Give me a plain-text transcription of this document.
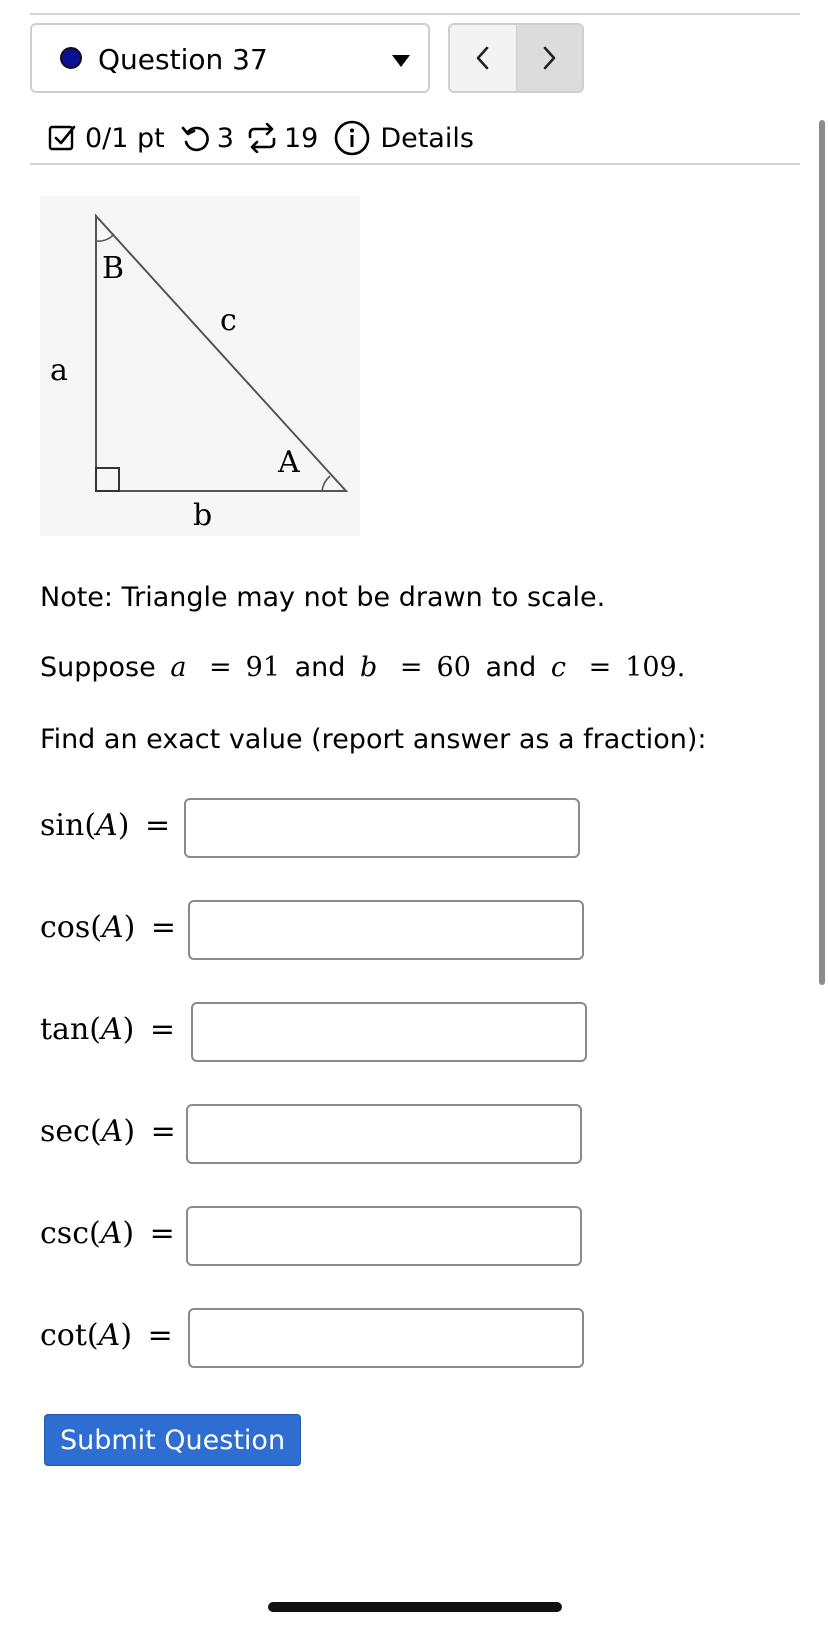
Question 37
0/1 pt 3 19 Details
B
c
a
A
b
Note: Triangle may not be drawn to scale.
Suppose a = 91 and b = 60 and c = 109.
Find an exact value (report answer as a fraction):
sin(A) =
cos(A) =
tan(A) =
sec(A) =
csc(A) =
cot(A) =
Submit Question
